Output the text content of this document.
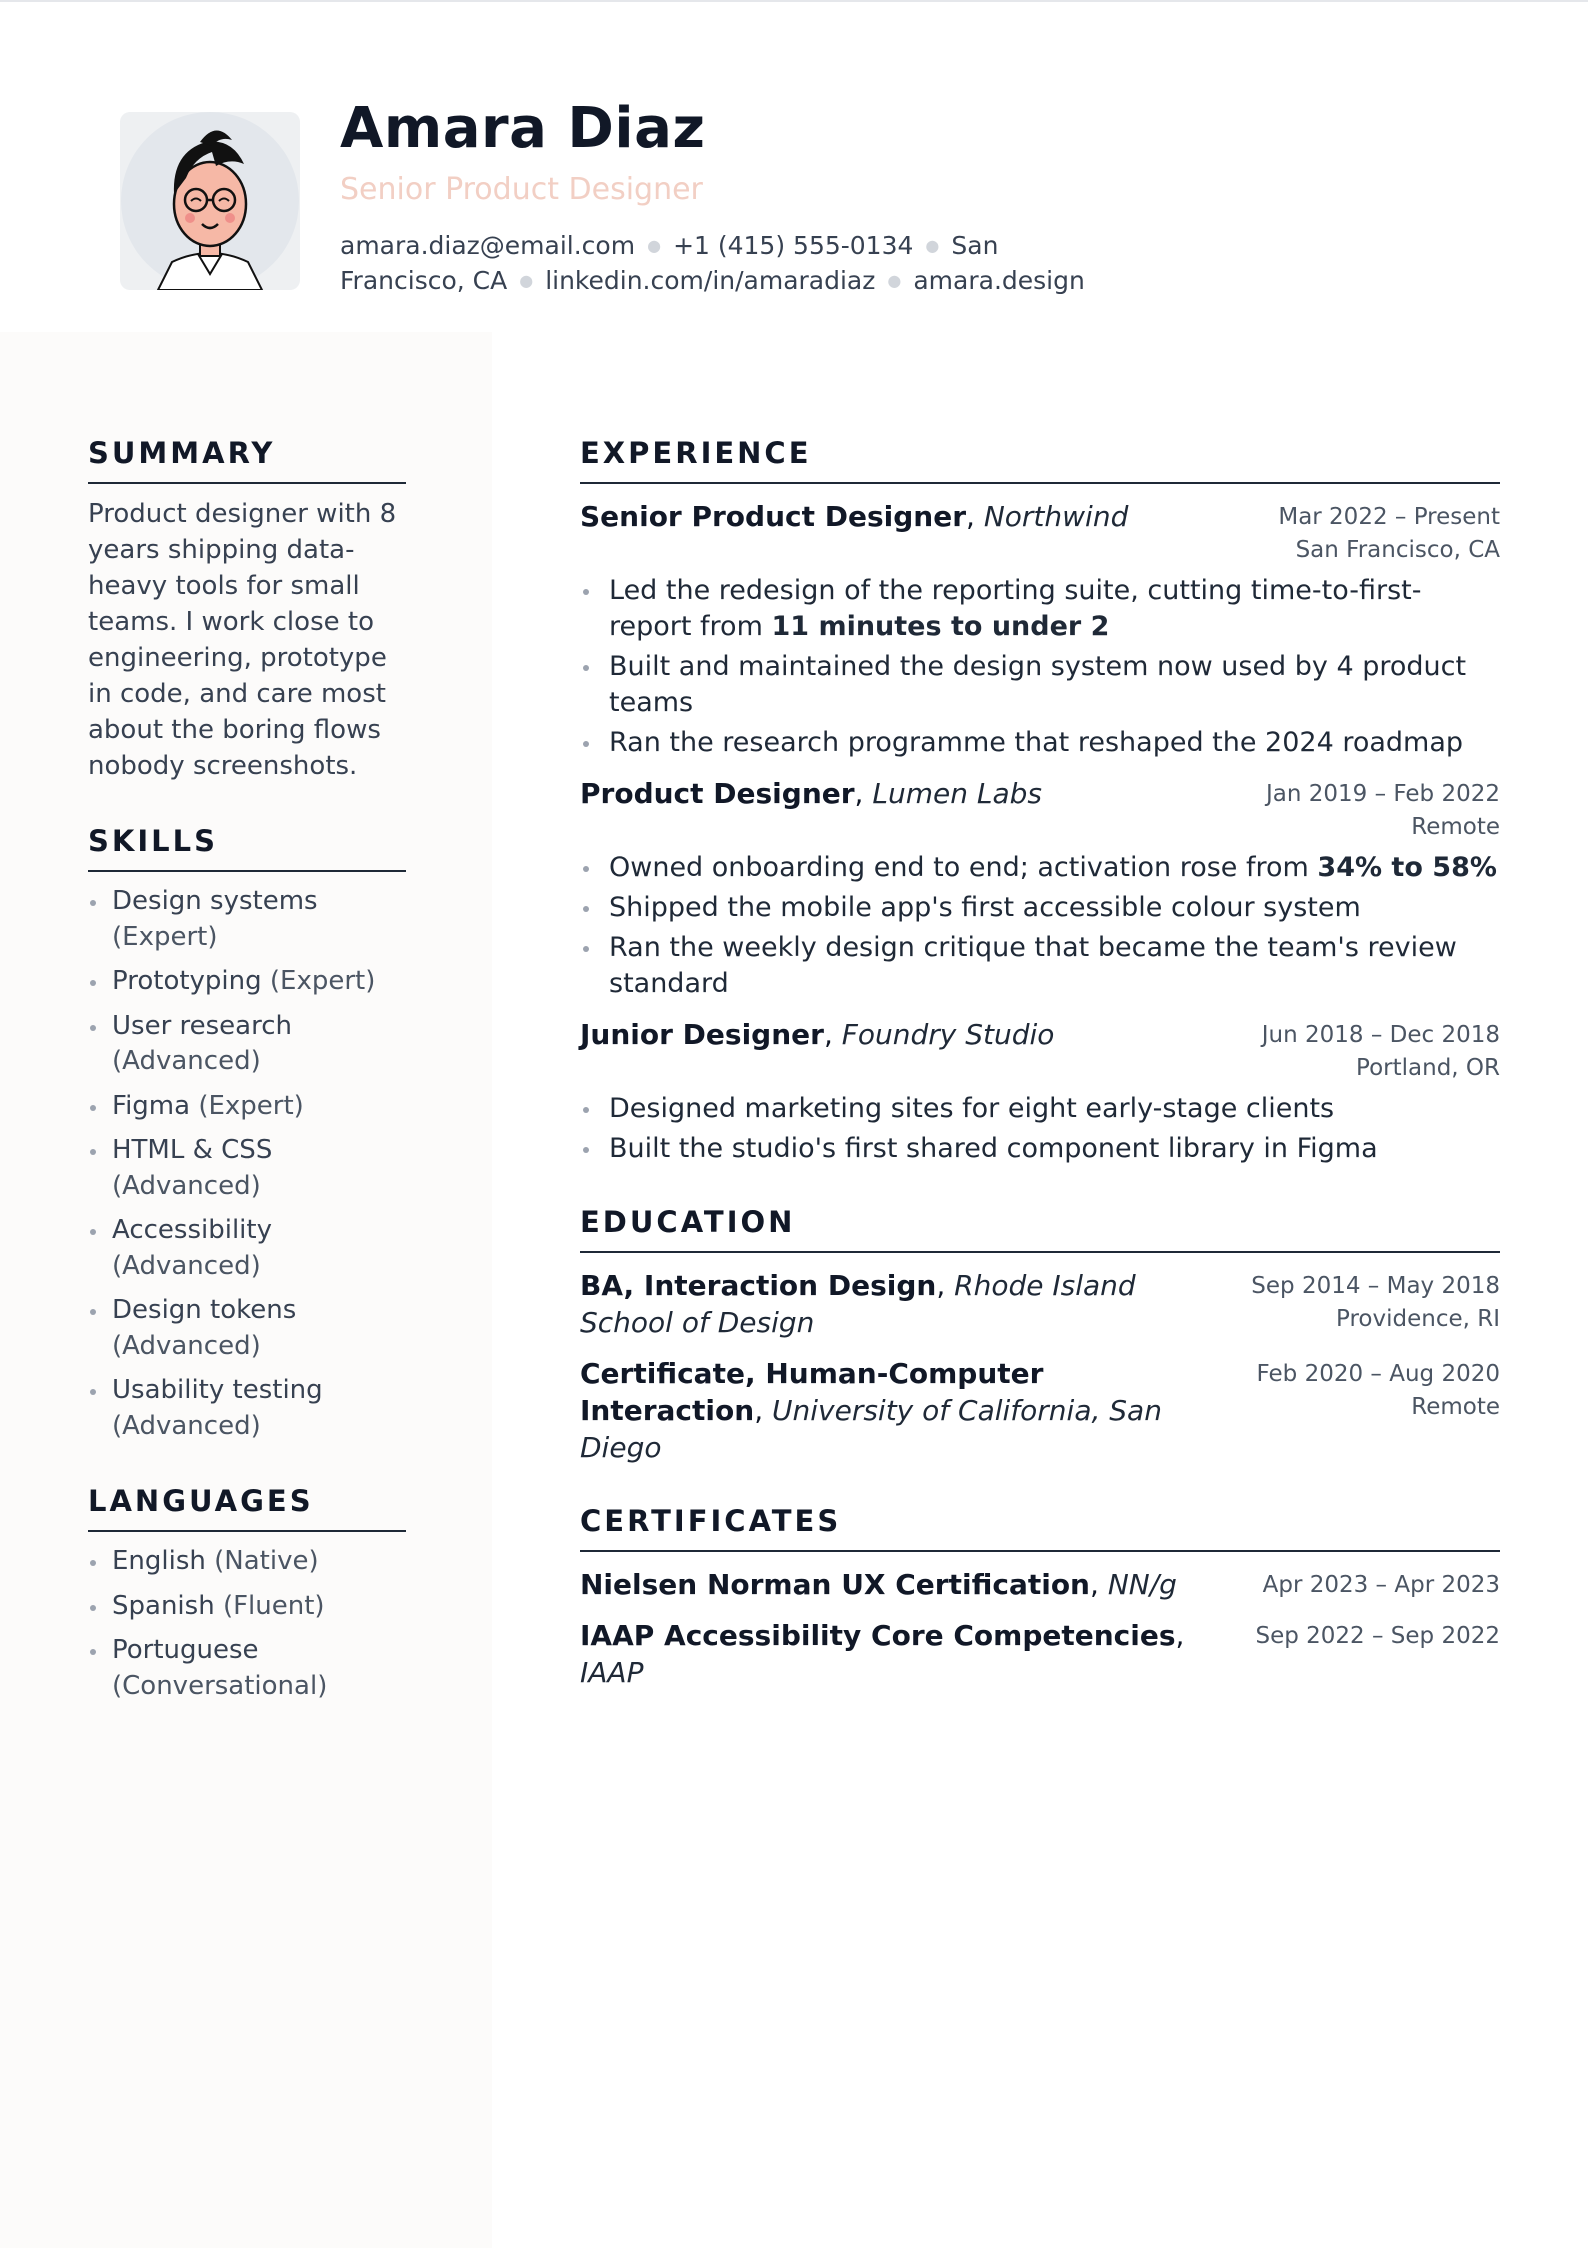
Amara Diaz
Senior Product Designer
amara.diaz@email.com ● +1 (415) 555-0134 ● San Francisco, CA ● linkedin.com/in/amaradiaz ● amara.design
SUMMARY

Product designer with 8 years shipping data-heavy tools for small teams. I work close to engineering, prototype in code, and care most about the boring flows nobody screenshots.

SKILLS
Design systems (Expert)
Prototyping (Expert)
User research (Advanced)
Figma (Expert)
HTML & CSS (Advanced)
Accessibility (Advanced)
Design tokens (Advanced)
Usability testing (Advanced)
LANGUAGES
English (Native)
Spanish (Fluent)
Portuguese (Conversational)
EXPERIENCE
Senior Product Designer, Northwind	Mar 2022 – Present
San Francisco, CA
Led the redesign of the reporting suite, cutting time-to-first-report from 11 minutes to under 2
Built and maintained the design system now used by 4 product teams
Ran the research programme that reshaped the 2024 roadmap
Product Designer, Lumen Labs	Jan 2019 – Feb 2022
Remote
Owned onboarding end to end; activation rose from 34% to 58%
Shipped the mobile app's first accessible colour system
Ran the weekly design critique that became the team's review standard
Junior Designer, Foundry Studio	Jun 2018 – Dec 2018
Portland, OR
Designed marketing sites for eight early-stage clients
Built the studio's first shared component library in Figma
EDUCATION
BA, Interaction Design, Rhode Island School of Design
Sep 2014 – May 2018
Providence, RI
Certificate, Human-Computer Interaction, University of California, San Diego
Feb 2020 – Aug 2020
Remote
CERTIFICATES
Nielsen Norman UX Certification, NN/g	Apr 2023 – Apr 2023
IAAP Accessibility Core Competencies, IAAP
Sep 2022 – Sep 2022
